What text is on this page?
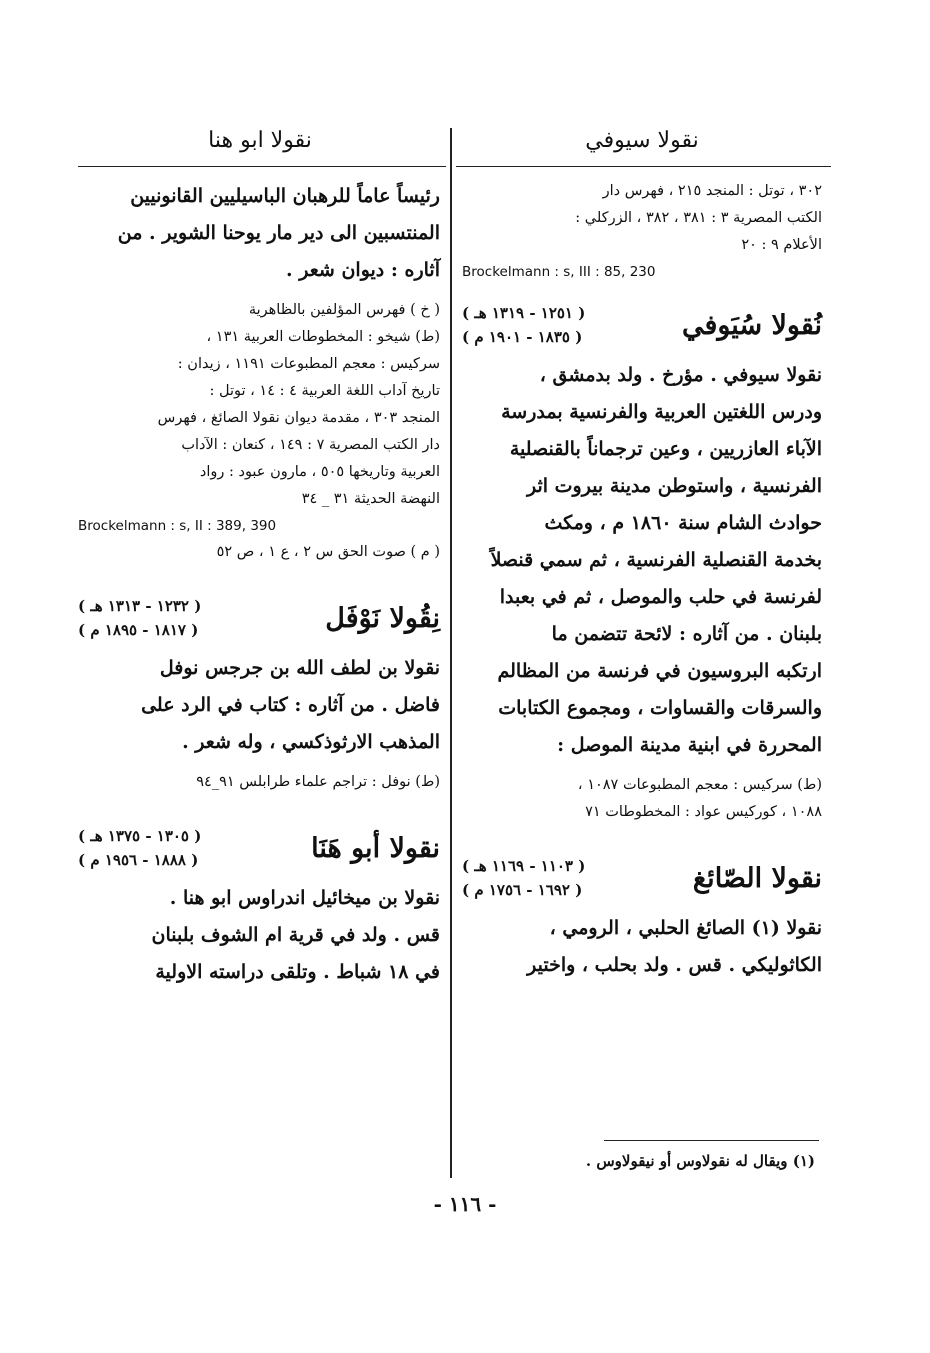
نقولا سيوفي
نقولا ابو هنا

٣٠٢ ، توتل : المنجد ٢١٥ ، فهرس دار

الكتب المصرية ٣ : ٣٨١ ، ٣٨٢ ، الزركلي :

الأعلام ٩ : ٢٠

Brockelmann : s, III : 85, 230

نُقولا سُيَوفي
( ١٢٥١ - ١٣١٩ هـ )
( ١٨٣٥ - ١٩٠١ م )

نقولا سيوفي . مؤرخ . ولد بدمشق ،

ودرس اللغتين العربية والفرنسية بمدرسة

الآباء العازريين ، وعين ترجماناً بالقنصلية

الفرنسية ، واستوطن مدينة بيروت اثر

حوادث الشام سنة ١٨٦٠ م ، ومكث

بخدمة القنصلية الفرنسية ، ثم سمي قنصلاً

لفرنسة في حلب والموصل ، ثم في بعبدا

بلبنان . من آثاره : لائحة تتضمن ما

ارتكبه البروسيون في فرنسة من المظالم

والسرقات والقساوات ، ومجموع الكتابات

المحررة في ابنية مدينة الموصل :

(ط) سركيس : معجم المطبوعات ١٠٨٧ ،

١٠٨٨ ، كوركيس عواد : المخطوطات ٧١

نقولا الصّائغ
( ١١٠٣ - ١١٦٩ هـ )
( ١٦٩٢ - ١٧٥٦ م )

نقولا (١) الصائغ الحلبي ، الرومي ،

الكاثوليكي . قس . ولد بحلب ، واختير

(١) ويقال له نقولاوس أو نيقولاوس .

رئيساً عاماً للرهبان الباسيليين القانونيين

المنتسبين الى دير مار يوحنا الشوير . من

آثاره : ديوان شعر .

( خ ) فهرس المؤلفين بالظاهرية

(ط) شيخو : المخطوطات العربية ١٣١ ،

سركيس : معجم المطبوعات ١١٩١ ، زيدان :

تاريخ آداب اللغة العربية ٤ : ١٤ ، توتل :

المنجد ٣٠٣ ، مقدمة ديوان نقولا الصائغ ، فهرس

دار الكتب المصرية ٧ : ١٤٩ ، كنعان : الآداب

العربية وتاريخها ٥٠٥ ، مارون عبود : رواد

النهضة الحديثة ٣١ _ ٣٤

Brockelmann : s, II : 389, 390

( م ) صوت الحق س ٢ ، ع ١ ، ص ٥٢

نِقُولا نَوْفَل
( ١٢٣٢ - ١٣١٣ هـ )
( ١٨١٧ - ١٨٩٥ م )

نقولا بن لطف الله بن جرجس نوفل

فاضل . من آثاره : كتاب في الرد على

المذهب الارثوذكسي ، وله شعر .

(ط) نوفل : تراجم علماء طرابلس ٩١_٩٤

نقولا أبو هَنَا
( ١٣٠٥ - ١٣٧٥ هـ )
( ١٨٨٨ - ١٩٥٦ م )

نقولا بن ميخائيل اندراوس ابو هنا .

قس . ولد في قرية ام الشوف بلبنان

في ١٨ شباط . وتلقى دراسته الاولية

- ١١٦ -
